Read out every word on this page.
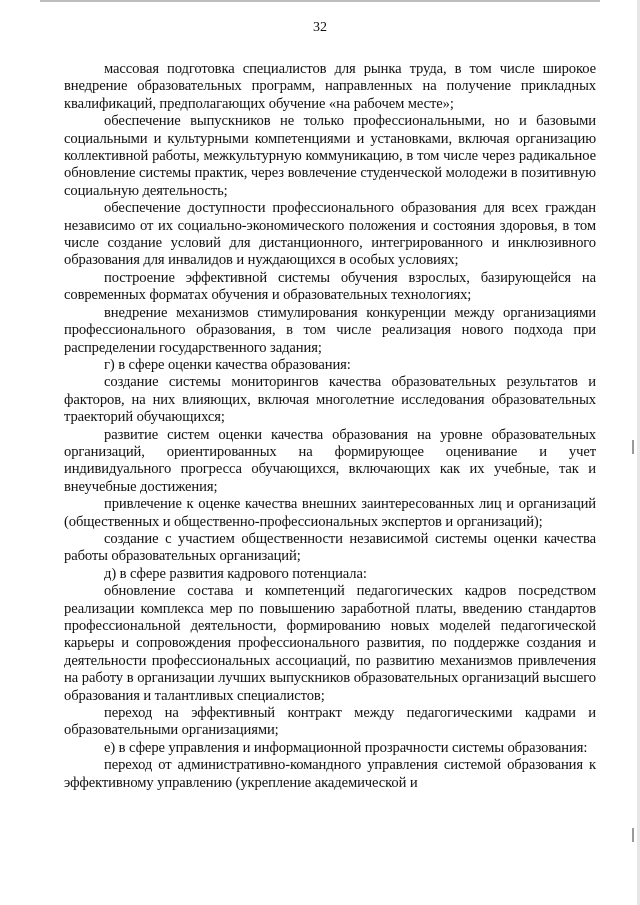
32

массовая подготовка специалистов для рынка труда, в том числе широкое внедрение образовательных программ, направленных на получение прикладных квалификаций, предполагающих обучение «на рабочем месте»;

обеспечение выпускников не только профессиональными, но и базовыми социальными и культурными компетенциями и установками, включая организацию коллективной работы, межкультурную коммуникацию, в том числе через радикальное обновление системы практик, через вовлечение студенческой молодежи в позитивную социальную деятельность;

обеспечение доступности профессионального образования для всех граждан независимо от их социально-экономического положения и состояния здоровья, в том числе создание условий для дистанционного, интегрированного и инклюзивного образования для инвалидов и нуждающихся в особых условиях;

построение эффективной системы обучения взрослых, базирующейся на современных форматах обучения и образовательных технологиях;

внедрение механизмов стимулирования конкуренции между организациями профессионального образования, в том числе реализация нового подхода при распределении государственного задания;

г) в сфере оценки качества образования:

создание системы мониторингов качества образовательных результатов и факторов, на них влияющих, включая многолетние исследования образовательных траекторий обучающихся;

развитие систем оценки качества образования на уровне образовательных организаций, ориентированных на формирующее оценивание и учет индивидуального прогресса обучающихся, включающих как их учебные, так и внеучебные достижения;

привлечение к оценке качества внешних заинтересованных лиц и организаций (общественных и общественно-профессиональных экспертов и организаций);

создание с участием общественности независимой системы оценки качества работы образовательных организаций;

д) в сфере развития кадрового потенциала:

обновление состава и компетенций педагогических кадров посредством реализации комплекса мер по повышению заработной платы, введению стандартов профессиональной деятельности, формированию новых моделей педагогической карьеры и сопровождения профессионального развития, по поддержке создания и деятельности профессиональных ассоциаций, по развитию механизмов привлечения на работу в организации лучших выпускников образовательных организаций высшего образования и талантливых специалистов;

переход на эффективный контракт между педагогическими кадрами и образовательными организациями;

е) в сфере управления и информационной прозрачности системы образования:

переход от административно-командного управления системой образования к эффективному управлению (укрепление академической и
